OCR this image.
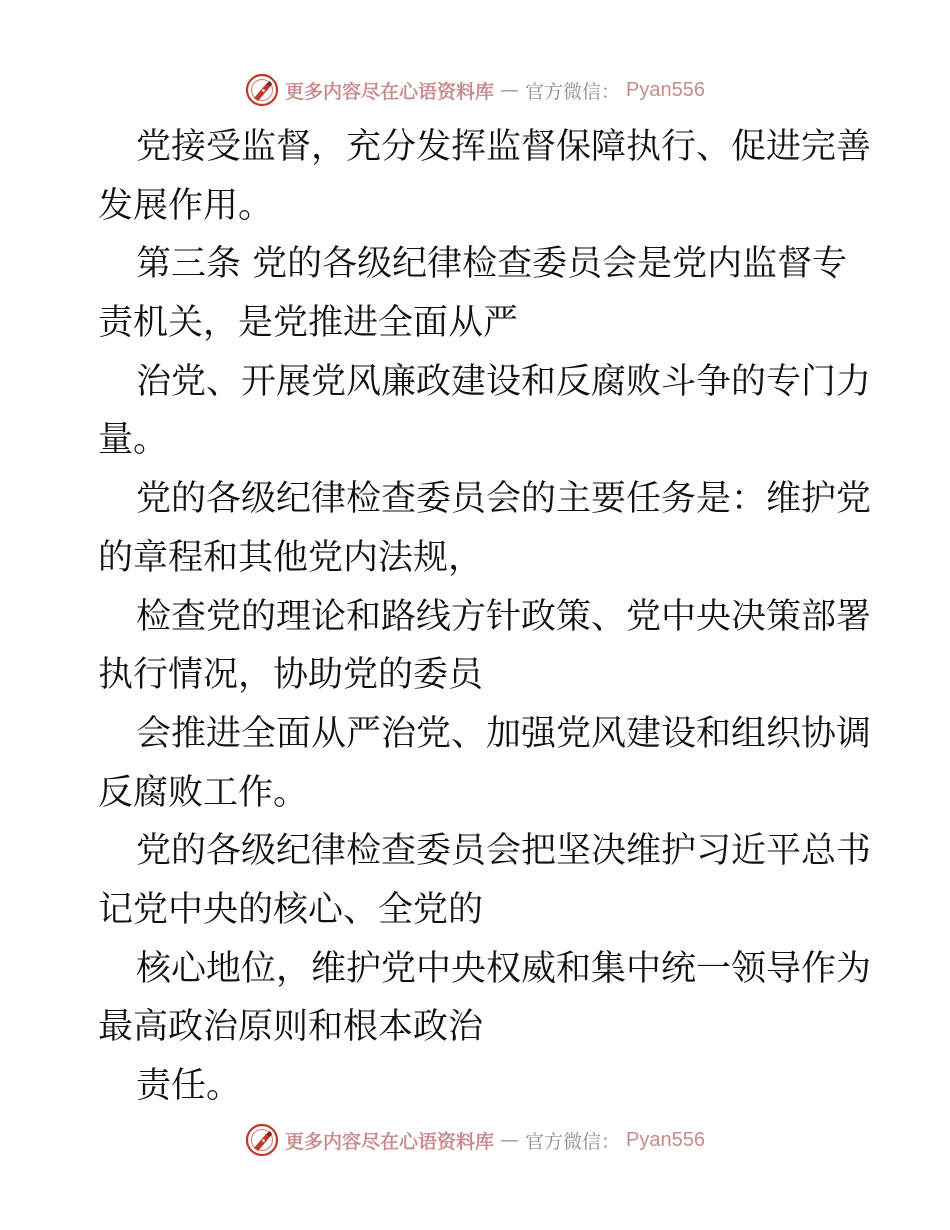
更多内容尽在心语资料库 — 官方微信： Pyan556
党接受监督，充分发挥监督保障执行、促进完善
发展作用。
第三条 党的各级纪律检查委员会是党内监督专
责机关，是党推进全面从严
治党、开展党风廉政建设和反腐败斗争的专门力
量。
党的各级纪律检查委员会的主要任务是：维护党
的章程和其他党内法规，
检查党的理论和路线方针政策、党中央决策部署
执行情况，协助党的委员
会推进全面从严治党、加强党风建设和组织协调
反腐败工作。
党的各级纪律检查委员会把坚决维护习近平总书
记党中央的核心、全党的
核心地位，维护党中央权威和集中统一领导作为
最高政治原则和根本政治
责任。
更多内容尽在心语资料库 — 官方微信： Pyan556
